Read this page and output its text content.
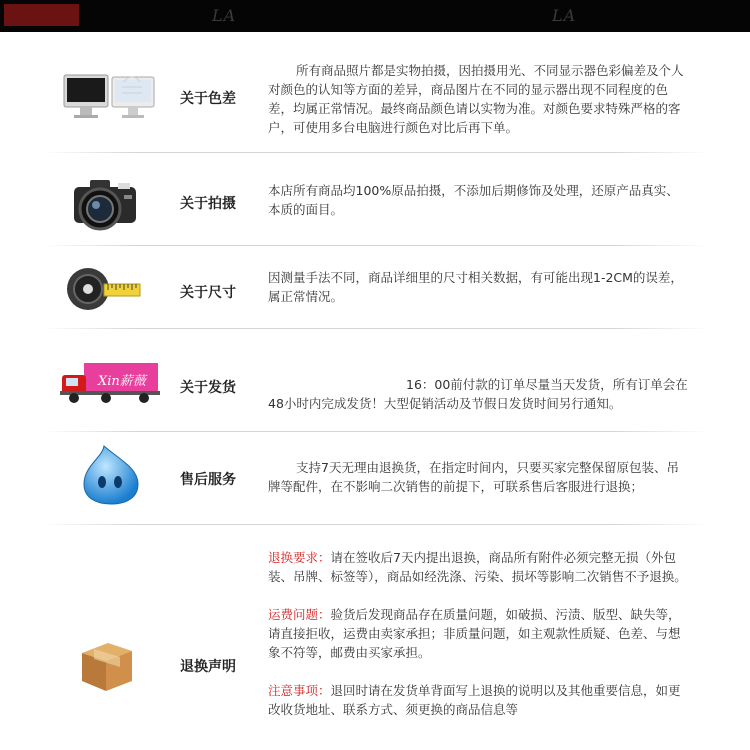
LA	LA
关于色差
所有商品照片都是实物拍摄，因拍摄用光、不同显示器色彩偏差及个人对颜色的认知等方面的差异，商品图片在不同的显示器出现不同程度的色差，均属正常情况。最终商品颜色请以实物为准。对颜色要求特殊严格的客户，可使用多台电脑进行颜色对比后再下单。
关于拍摄
本店所有商品均100%原品拍摄，不添加后期修饰及处理，还原产品真实、本质的面目。
关于尺寸
因测量手法不同，商品详细里的尺寸相关数据，有可能出现1-2CM的误差，属正常情况。
Xin薪薇 关于发货	16：00前付款的订单尽量当天发货，所有订单会在48小时内完成发货！大型促销活动及节假日发货时间另行通知。
售后服务
支持7天无理由退换货，在指定时间内，只要买家完整保留原包装、吊牌等配件，在不影响二次销售的前提下，可联系售后客服进行退换；
退换声明

退换要求：请在签收后7天内提出退换，商品所有附件必须完整无损（外包装、吊牌、标签等），商品如经洗涤、污染、损坏等影响二次销售不予退换。

运费问题：验货后发现商品存在质量问题，如破损、污渍、版型、缺失等，请直接拒收，运费由卖家承担；非质量问题，如主观款性质疑、色差、与想象不符等，邮费由买家承担。

注意事项：退回时请在发货单背面写上退换的说明以及其他重要信息，如更改收货地址、联系方式、须更换的商品信息等
